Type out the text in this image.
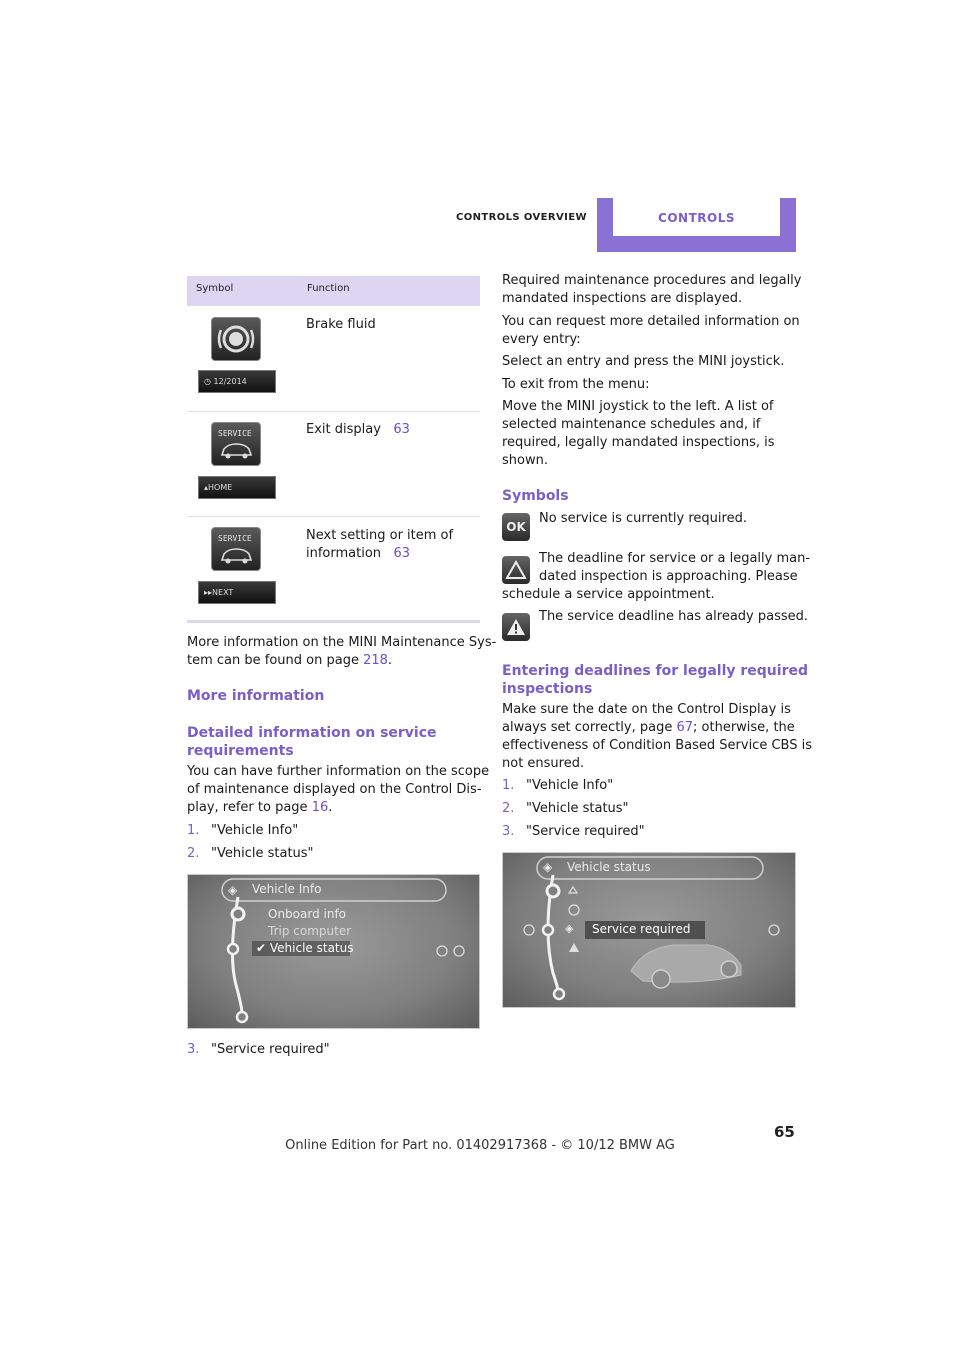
CONTROLS OVERVIEW	CONTROLS
Symbol	Function
◷ 12/2014
Brake fluid
SERVICE
▴HOME
Exit display 63
SERVICE
▸▸NEXT
Next setting or item of
information 63
More information on the MINI Maintenance Sys-
tem can be found on page 218.
More information
Detailed information on service
requirements
You can have further information on the scope
of maintenance displayed on the Control Dis-
play, refer to page 16.
1. "Vehicle Info"
2. "Vehicle status"
◈ Vehicle Info
Onboard info
Trip computer
✔ Vehicle status
3. "Service required"
Required maintenance procedures and legally
mandated inspections are displayed.
You can request more detailed information on
every entry:
Select an entry and press the MINI joystick.
To exit from the menu:
Move the MINI joystick to the left. A list of
selected maintenance schedules and, if
required, legally mandated inspections, is
shown.
Symbols
OK
No service is currently required.
The deadline for service or a legally man-
dated inspection is approaching. Please
schedule a service appointment.
The service deadline has already passed.
Entering deadlines for legally required
inspections
Make sure the date on the Control Display is
always set correctly, page 67; otherwise, the
effectiveness of Condition Based Service CBS is
not ensured.
1. "Vehicle Info"
2. "Vehicle status"
3. "Service required"
◈ Vehicle status
◈ Service required
65
Online Edition for Part no. 01402917368 - © 10/12 BMW AG
